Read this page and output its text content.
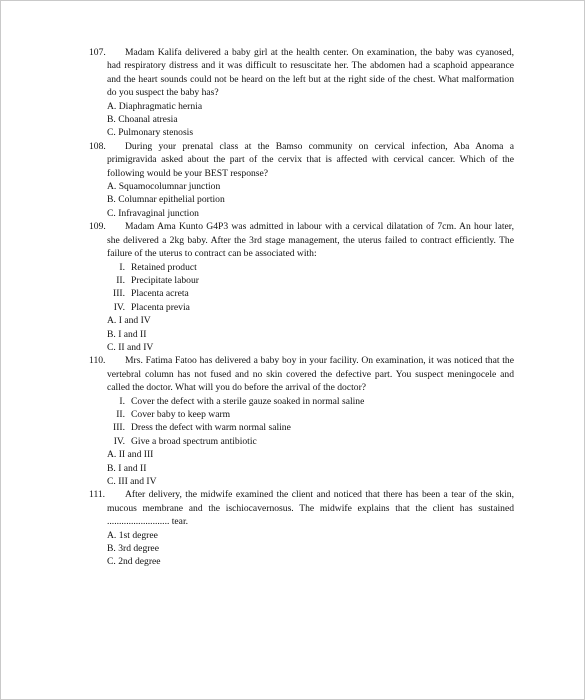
107. Madam Kalifa delivered a baby girl at the health center. On examination, the baby was cyanosed, had respiratory distress and it was difficult to resuscitate her. The abdomen had a scaphoid appearance and the heart sounds could not be heard on the left but at the right side of the chest. What malformation do you suspect the baby has?
A. Diaphragmatic hernia
B. Choanal atresia
C. Pulmonary stenosis
108. During your prenatal class at the Bamso community on cervical infection, Aba Anoma a primigravida asked about the part of the cervix that is affected with cervical cancer. Which of the following would be your BEST response?
A. Squamocolumnar junction
B. Columnar epithelial portion
C. Infravaginal junction
109. Madam Ama Kunto G4P3 was admitted in labour with a cervical dilatation of 7cm. An hour later, she delivered a 2kg baby. After the 3rd stage management, the uterus failed to contract efficiently. The failure of the uterus to contract can be associated with:
I. Retained product
II. Precipitate labour
III. Placenta acreta
IV. Placenta previa
A. I and IV
B. I and II
C. II and IV
110. Mrs. Fatima Fatoo has delivered a baby boy in your facility. On examination, it was noticed that the vertebral column has not fused and no skin covered the defective part. You suspect meningocele and called the doctor. What will you do before the arrival of the doctor?
I. Cover the defect with a sterile gauze soaked in normal saline
II. Cover baby to keep warm
III. Dress the defect with warm normal saline
IV. Give a broad spectrum antibiotic
A. II and III
B. I and II
C. III and IV
111. After delivery, the midwife examined the client and noticed that there has been a tear of the skin, mucous membrane and the ischiocavernosus. The midwife explains that the client has sustained .......................... tear.
A. 1st degree
B. 3rd degree
C. 2nd degree
